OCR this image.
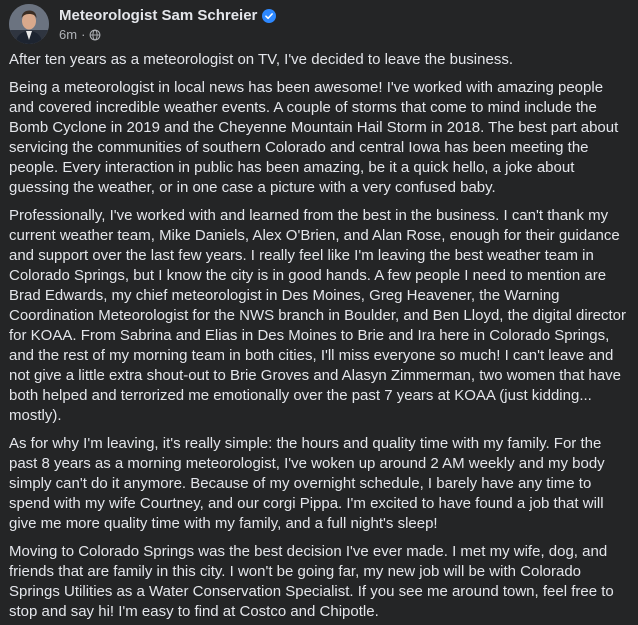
Meteorologist Sam Schreier
6m ·

After ten years as a meteorologist on TV, I've decided to leave the business.

Being a meteorologist in local news has been awesome! I've worked with amazing people and covered incredible weather events. A couple of storms that come to mind include the Bomb Cyclone in 2019 and the Cheyenne Mountain Hail Storm in 2018. The best part about servicing the communities of southern Colorado and central Iowa has been meeting the people. Every interaction in public has been amazing, be it a quick hello, a joke about guessing the weather, or in one case a picture with a very confused baby.

Professionally, I've worked with and learned from the best in the business. I can't thank my current weather team, Mike Daniels, Alex O'Brien, and Alan Rose, enough for their guidance and support over the last few years. I really feel like I'm leaving the best weather team in Colorado Springs, but I know the city is in good hands. A few people I need to mention are Brad Edwards, my chief meteorologist in Des Moines, Greg Heavener, the Warning Coordination Meteorologist for the NWS branch in Boulder, and Ben Lloyd, the digital director for KOAA. From Sabrina and Elias in Des Moines to Brie and Ira here in Colorado Springs, and the rest of my morning team in both cities, I'll miss everyone so much! I can't leave and not give a little extra shout-out to Brie Groves and Alasyn Zimmerman, two women that have both helped and terrorized me emotionally over the past 7 years at KOAA (just kidding... mostly).

As for why I'm leaving, it's really simple: the hours and quality time with my family. For the past 8 years as a morning meteorologist, I've woken up around 2 AM weekly and my body simply can't do it anymore. Because of my overnight schedule, I barely have any time to spend with my wife Courtney, and our corgi Pippa. I'm excited to have found a job that will give me more quality time with my family, and a full night's sleep!

Moving to Colorado Springs was the best decision I've ever made. I met my wife, dog, and friends that are family in this city. I won't be going far, my new job will be with Colorado Springs Utilities as a Water Conservation Specialist. If you see me around town, feel free to stop and say hi! I'm easy to find at Costco and Chipotle.
